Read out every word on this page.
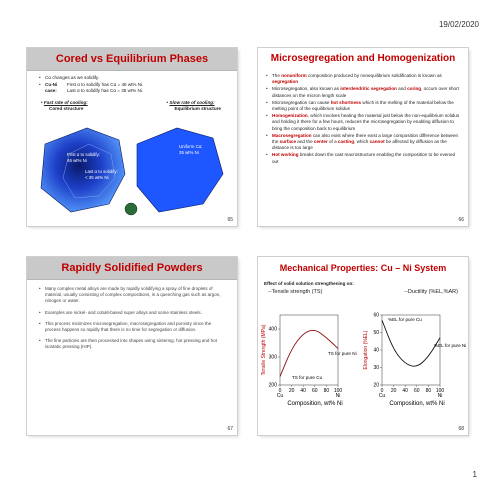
19/02/2020
Cored vs Equilibrium Phases
• Cα changes as we solidify.
• Cu-Ni case:
First α to solidify has Cα = 46 wt% Ni.
Last α to solidify has Cα = 35 wt% Ni.
• Fast rate of cooling:
Cored structure
• Slow rate of cooling:
Equilibrium structure
First α to solidify:
46 wt% Ni
Last α to solidify:
< 35 wt% Ni
Uniform Cα:
35 wt% Ni
65
Microsegregation and Homogenization
• The nonuniform composition produced by nonequilibrium solidification is known as segregation
• Microsegregation, also known as interdendritic segregation and coring, occurs over short distances on the micron length scale
• Microsegregation can cause hot shortness which is the melting of the material below the melting point of the equilibrium solidus
• Homogenization, which involves heating the material just below the non-equilibrium solidus and holding it there for a few hours, reduces the microsegregation by enabling diffusion to bring the composition back to equilibrium
• Macrosegregation can also exist where there exist a large composition difference between the surface and the center of a casting, which cannot be affected by diffusion as the distance is too large
• Hot working breaks down the cast macrostructure enabling the composition to be evened out
66
Rapidly Solidified Powders
• Many complex metal alloys are made by rapidly solidifying a spray of fine droplets of material, usually consisting of complex compositions, in a quenching gas such as argon, nitrogen or water.
• Examples are nickel- and cobalt-based super alloys and some stainless steels.
• This process minimizes microsegregation, macrosegregation and porosity since the process happens so rapidly that there is no time for segregation or diffusion.
• The fine particles are then processed into shapes using sintering, hot pressing and hot isostatic pressing (HIP).
67
Mechanical Properties: Cu – Ni System
Effect of solid solution strengthening on:
--Tensile strength (TS)	--Ductility (%EL,%AR)
200
300
400
0 20 40 60 80 100
Cu	Ni
Composition, wt% Ni
Tensile Strength (MPa)
20
30
40
50
60
0 20 40 60 80 100
Cu	Ni
Composition, wt% Ni
Elongation (%EL)
TS for pure Ni
TS for pure Cu
%EL for pure Cu
%EL for pure Ni
68
1
